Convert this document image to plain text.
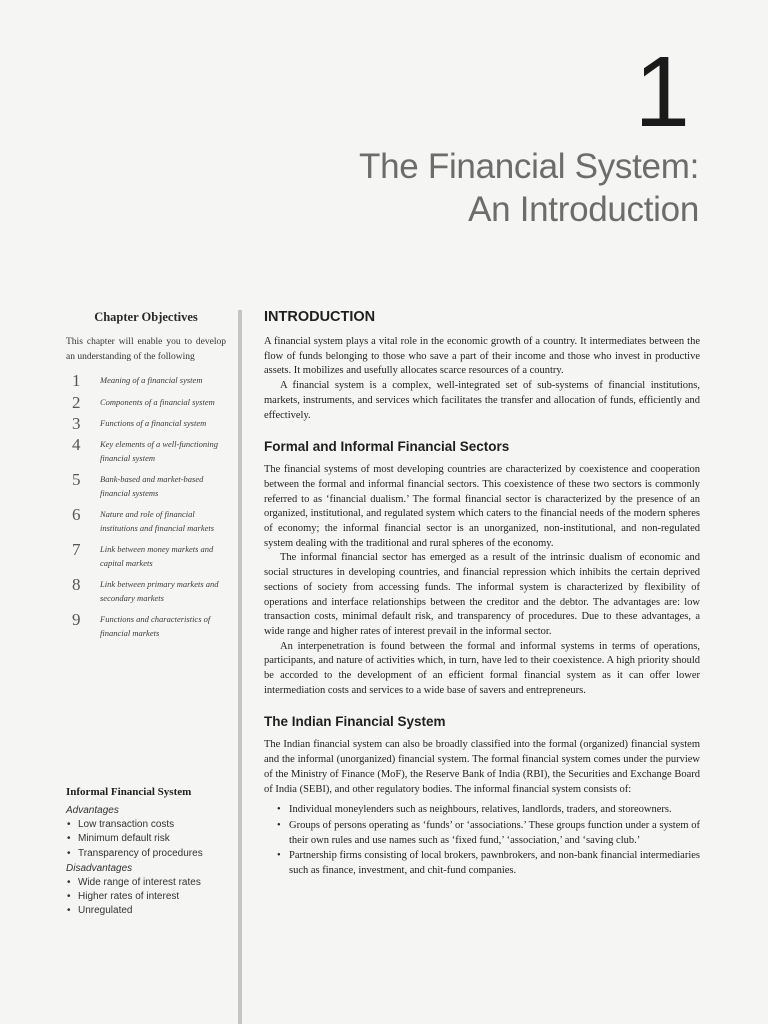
1
The Financial System:
An Introduction

Chapter Objectives

This chapter will enable you to develop an understanding of the following

1 Meaning of a financial system
2 Components of a financial system
3 Functions of a financial system
4 Key elements of a well-functioning financial system
5 Bank-based and market-based financial systems
6 Nature and role of financial institutions and financial markets
7 Link between money markets and capital markets
8 Link between primary markets and secondary markets
9 Functions and characteristics of financial markets

Informal Financial System

Advantages

• Low transaction costs
• Minimum default risk
• Transparency of procedures

Disadvantages

• Wide range of interest rates
• Higher rates of interest
• Unregulated
INTRODUCTION

A financial system plays a vital role in the economic growth of a country. It intermediates between the flow of funds belonging to those who save a part of their income and those who invest in productive assets. It mobilizes and usefully allocates scarce resources of a country.

A financial system is a complex, well-integrated set of sub-systems of financial institutions, markets, instruments, and services which facilitates the transfer and allocation of funds, efficiently and effectively.

Formal and Informal Financial Sectors

The financial systems of most developing countries are characterized by coexistence and cooperation between the formal and informal financial sectors. This coexistence of these two sectors is commonly referred to as ‘financial dualism.’ The formal financial sector is characterized by the presence of an organized, institutional, and regulated system which caters to the financial needs of the modern spheres of economy; the informal financial sector is an unorganized, non-institutional, and non-regulated system dealing with the traditional and rural spheres of the economy.

The informal financial sector has emerged as a result of the intrinsic dualism of economic and social structures in developing countries, and financial repression which inhibits the certain deprived sections of society from accessing funds. The informal system is characterized by flexibility of operations and interface relationships between the creditor and the debtor. The advantages are: low transaction costs, minimal default risk, and transparency of procedures. Due to these advantages, a wide range and higher rates of interest prevail in the informal sector.

An interpenetration is found between the formal and informal systems in terms of operations, participants, and nature of activities which, in turn, have led to their coexistence. A high priority should be accorded to the development of an efficient formal financial system as it can offer lower intermediation costs and services to a wide base of savers and entrepreneurs.

The Indian Financial System

The Indian financial system can also be broadly classified into the formal (organized) financial system and the informal (unorganized) financial system. The formal financial system comes under the purview of the Ministry of Finance (MoF), the Reserve Bank of India (RBI), the Securities and Exchange Board of India (SEBI), and other regulatory bodies. The informal financial system consists of:

• Individual moneylenders such as neighbours, relatives, landlords, traders, and storeowners.
• Groups of persons operating as ‘funds’ or ‘associations.’ These groups function under a system of their own rules and use names such as ‘fixed fund,’ ‘association,’ and ‘saving club.’
• Partnership firms consisting of local brokers, pawnbrokers, and non-bank financial intermediaries such as finance, investment, and chit-fund companies.
